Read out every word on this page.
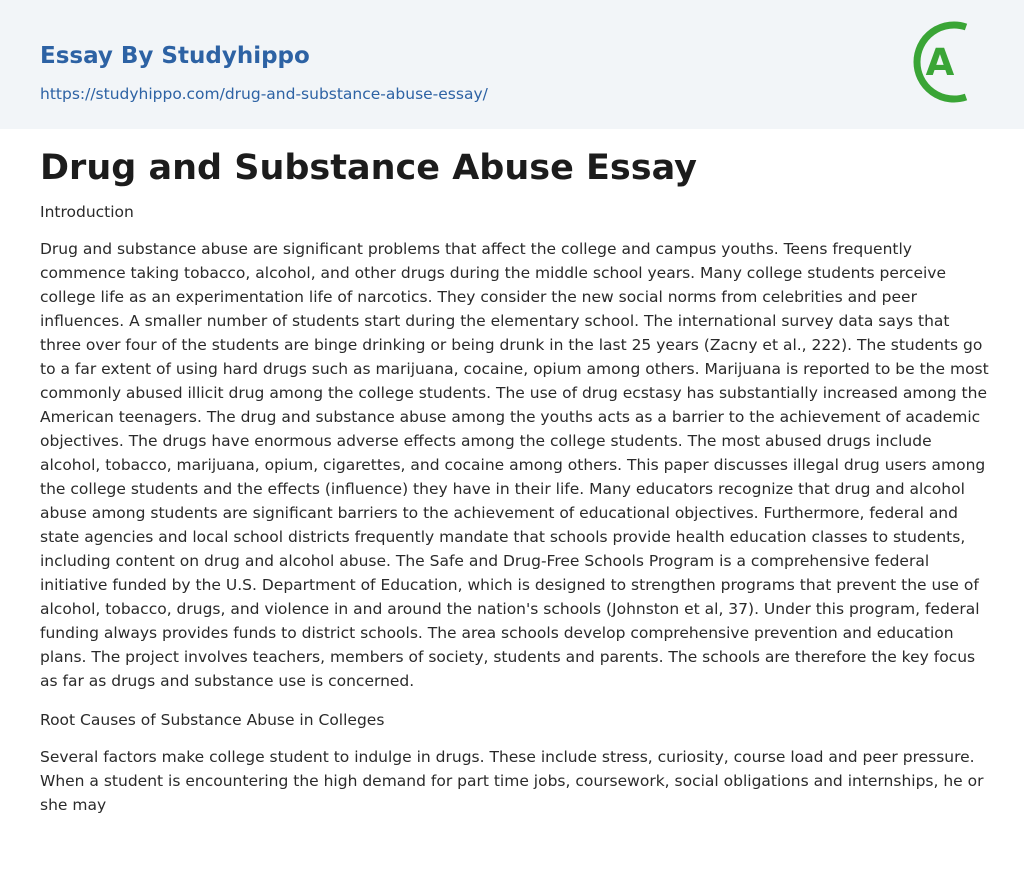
Essay By Studyhippo
https://studyhippo.com/drug-and-substance-abuse-essay/
A
Drug and Substance Abuse Essay

Introduction

Drug and substance abuse are significant problems that affect the college and campus youths. Teens frequently commence taking tobacco, alcohol, and other drugs during the middle school years. Many college students perceive college life as an experimentation life of narcotics. They consider the new social norms from celebrities and peer influences. A smaller number of students start during the elementary school. The international survey data says that three over four of the students are binge drinking or being drunk in the last 25 years (Zacny et al., 222). The students go to a far extent of using hard drugs such as marijuana, cocaine, opium among others. Marijuana is reported to be the most commonly abused illicit drug among the college students. The use of drug ecstasy has substantially increased among the American teenagers. The drug and substance abuse among the youths acts as a barrier to the achievement of academic objectives. The drugs have enormous adverse effects among the college students. The most abused drugs include alcohol, tobacco, marijuana, opium, cigarettes, and cocaine among others. This paper discusses illegal drug users among the college students and the effects (influence) they have in their life. Many educators recognize that drug and alcohol abuse among students are significant barriers to the achievement of educational objectives. Furthermore, federal and state agencies and local school districts frequently mandate that schools provide health education classes to students, including content on drug and alcohol abuse. The Safe and Drug-Free Schools Program is a comprehensive federal initiative funded by the U.S. Department of Education, which is designed to strengthen programs that prevent the use of alcohol, tobacco, drugs, and violence in and around the nation's schools (Johnston et al, 37). Under this program, federal funding always provides funds to district schools. The area schools develop comprehensive prevention and education plans. The project involves teachers, members of society, students and parents. The schools are therefore the key focus as far as drugs and substance use is concerned.

Root Causes of Substance Abuse in Colleges

Several factors make college student to indulge in drugs. These include stress, curiosity, course load and peer pressure. When a student is encountering the high demand for part time jobs, coursework, social obligations and internships, he or she may
